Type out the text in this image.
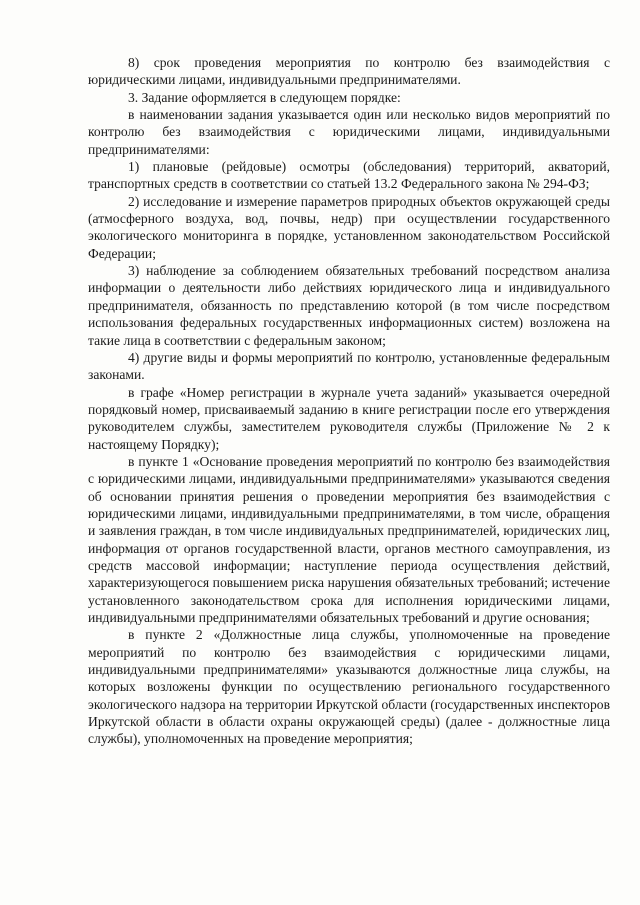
8) срок проведения мероприятия по контролю без взаимодействия с юридическими лицами, индивидуальными предпринимателями.

3. Задание оформляется в следующем порядке:

в наименовании задания указывается один или несколько видов мероприятий по контролю без взаимодействия с юридическими лицами, индивидуальными предпринимателями:

1) плановые (рейдовые) осмотры (обследования) территорий, акваторий, транспортных средств в соответствии со статьей 13.2 Федерального закона № 294-ФЗ;

2) исследование и измерение параметров природных объектов окружающей среды (атмосферного воздуха, вод, почвы, недр) при осуществлении государственного экологического мониторинга в порядке, установленном законодательством Российской Федерации;

3) наблюдение за соблюдением обязательных требований посредством анализа информации о деятельности либо действиях юридического лица и индивидуального предпринимателя, обязанность по представлению которой (в том числе посредством использования федеральных государственных информационных систем) возложена на такие лица в соответствии с федеральным законом;

4) другие виды и формы мероприятий по контролю, установленные федеральным законами.

в графе «Номер регистрации в журнале учета заданий» указывается очередной порядковый номер, присваиваемый заданию в книге регистрации после его утверждения руководителем службы, заместителем руководителя службы (Приложение № 2 к настоящему Порядку);

в пункте 1 «Основание проведения мероприятий по контролю без взаимодействия с юридическими лицами, индивидуальными предпринимателями» указываются сведения об основании принятия решения о проведении мероприятия без взаимодействия с юридическими лицами, индивидуальными предпринимателями, в том числе, обращения и заявления граждан, в том числе индивидуальных предпринимателей, юридических лиц, информация от органов государственной власти, органов местного самоуправления, из средств массовой информации; наступление периода осуществления действий, характеризующегося повышением риска нарушения обязательных требований; истечение установленного законодательством срока для исполнения юридическими лицами, индивидуальными предпринимателями обязательных требований и другие основания;

в пункте 2 «Должностные лица службы, уполномоченные на проведение мероприятий по контролю без взаимодействия с юридическими лицами, индивидуальными предпринимателями» указываются должностные лица службы, на которых возложены функции по осуществлению регионального государственного экологического надзора на территории Иркутской области (государственных инспекторов Иркутской области в области охраны окружающей среды) (далее - должностные лица службы), уполномоченных на проведение мероприятия;
